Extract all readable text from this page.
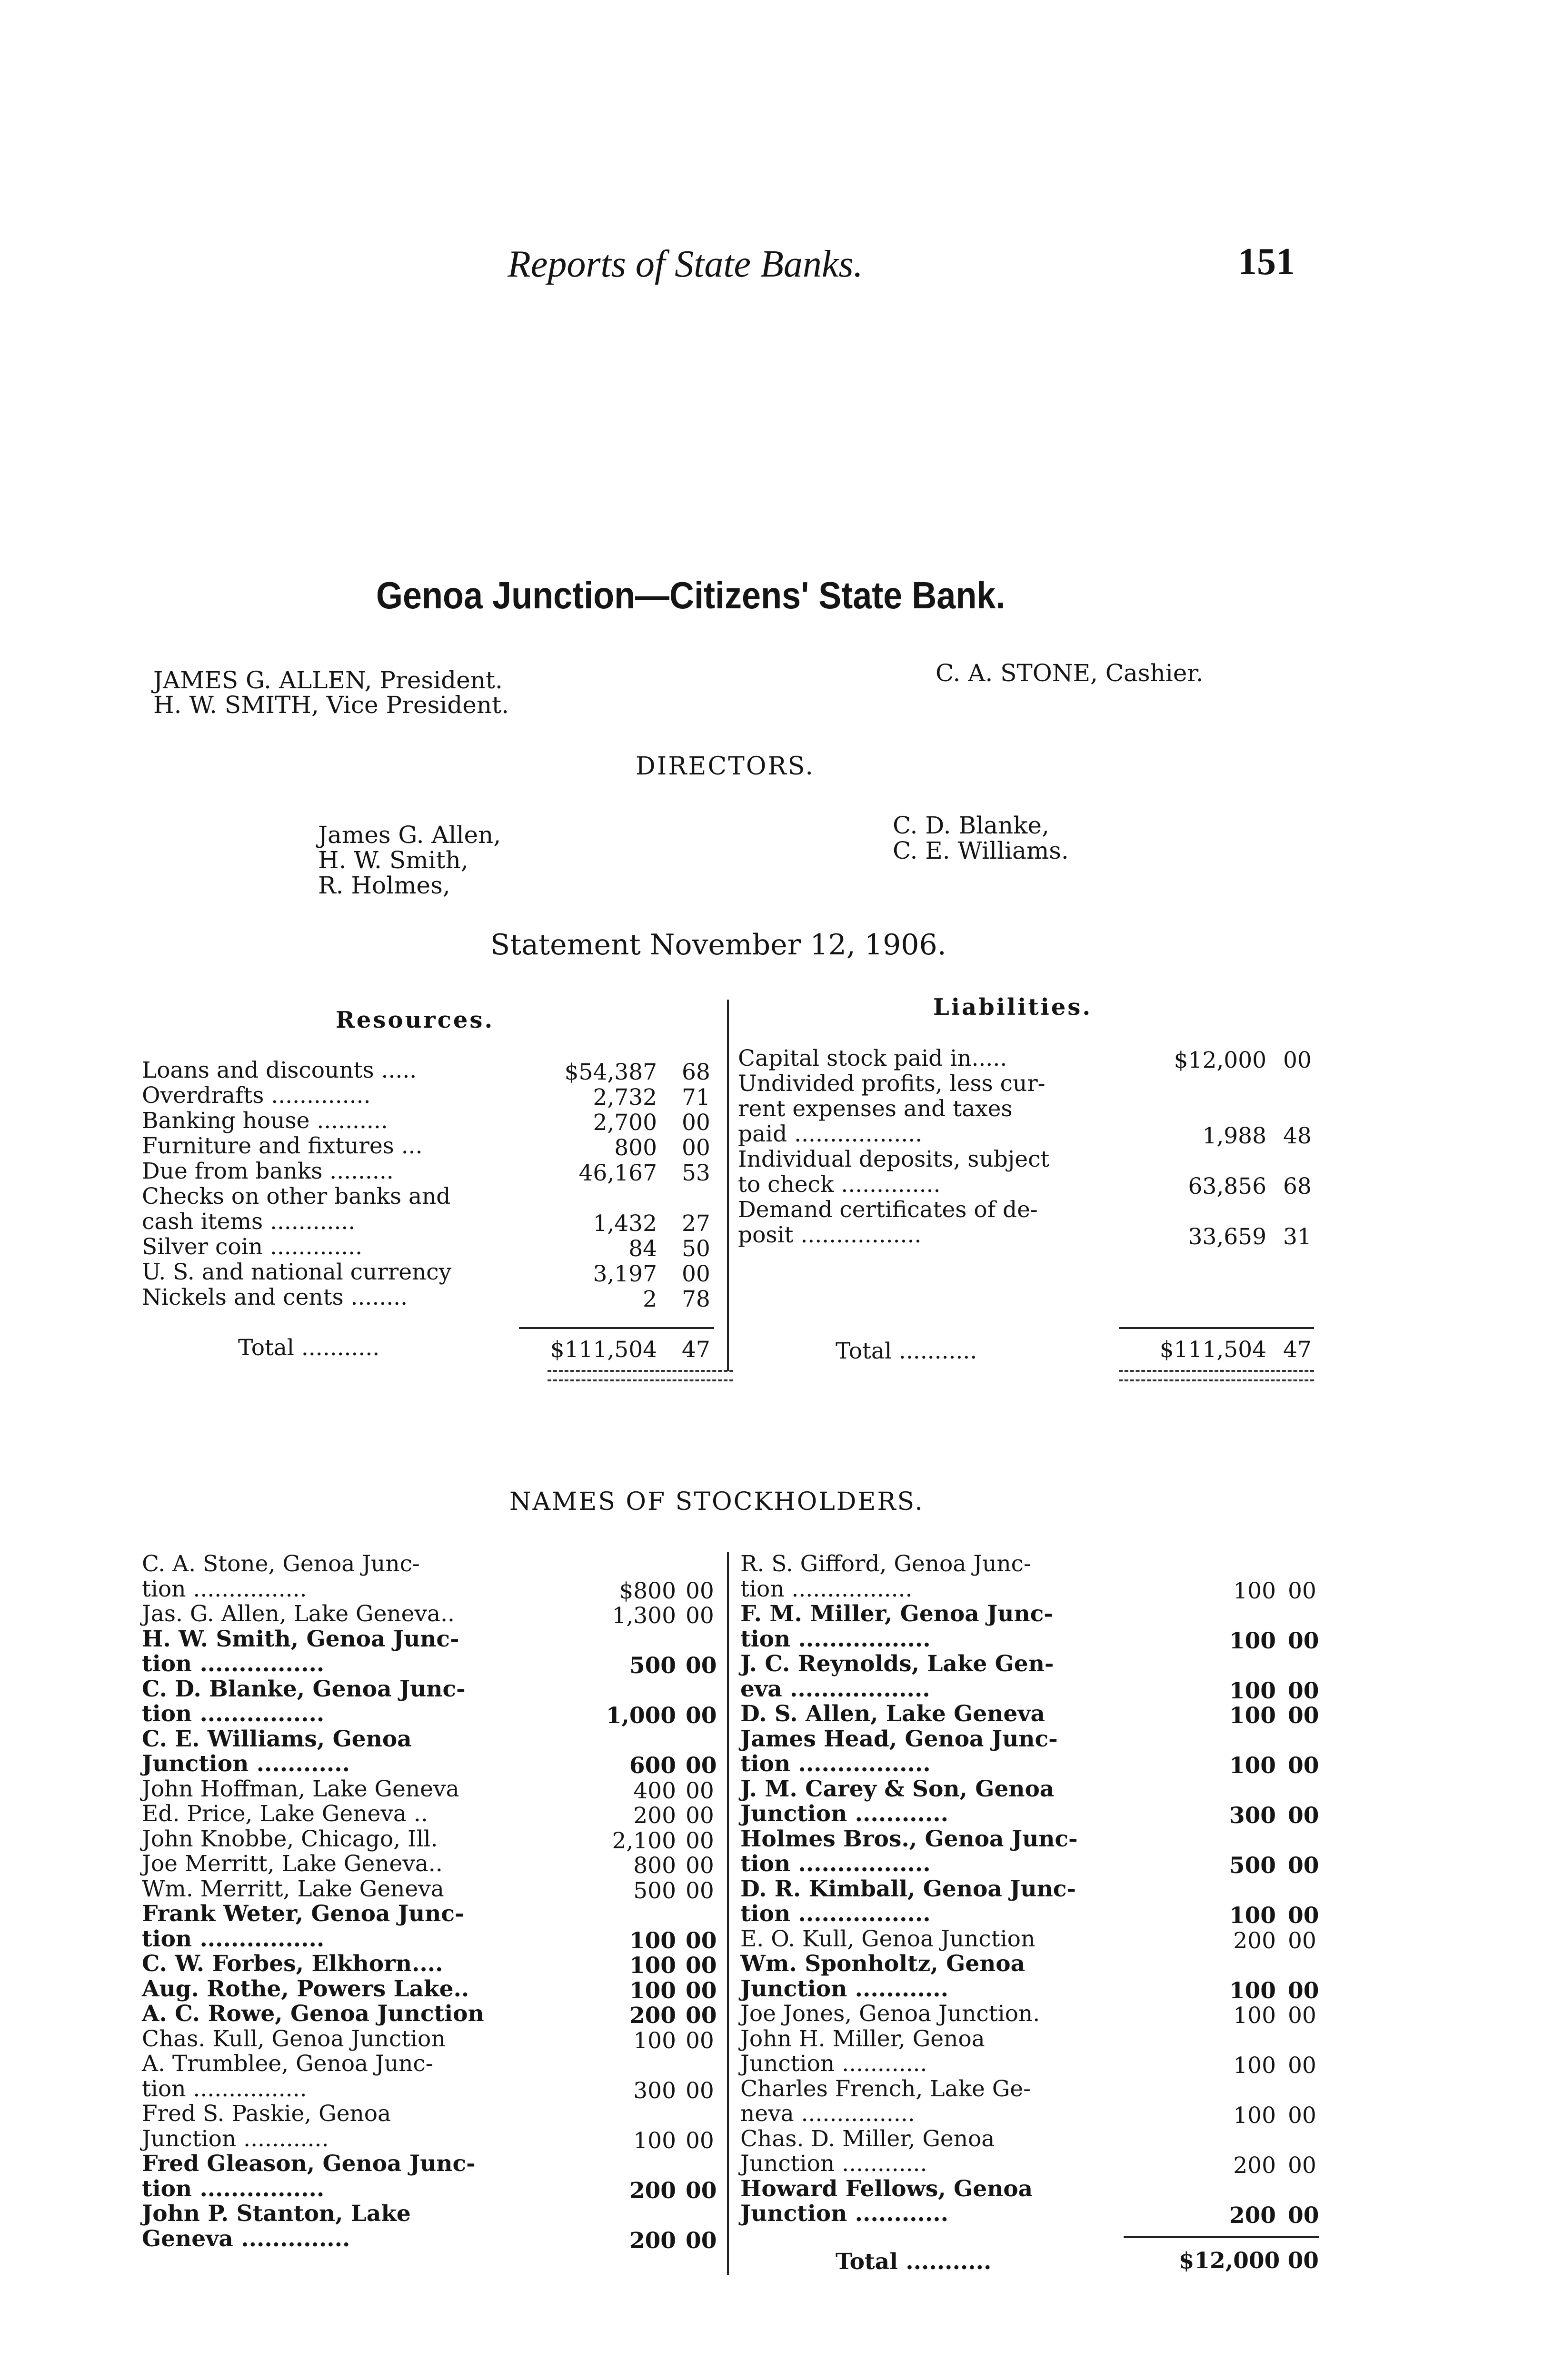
Reports of State Banks.	151
Genoa Junction—Citizens' State Bank.
JAMES G. ALLEN, President.
H. W. SMITH, Vice President.
C. A. STONE, Cashier.
DIRECTORS.
James G. Allen,
H. W. Smith,
R. Holmes,
C. D. Blanke,
C. E. Williams.
Statement November 12, 1906.
Resources.	Liabilities.
Loans and discounts .....	$54,387 68
Overdrafts ..............	2,732 71
Banking house ..........	2,700 00
Furniture and fixtures ...	800 00
Due from banks .........	46,167 53
Checks on other banks and
cash items ............	1,432 27
Silver coin .............	84 50
U. S. and national currency	3,197 00
Nickels and cents ........	2 78
Capital stock paid in.....	$12,000 00
Undivided profits, less cur-
rent expenses and taxes
paid ..................	1,988 48
Individual deposits, subject
to check ..............	63,856 68
Demand certificates of de-
posit .................	33,659 31
Total ...........	$111,504 47	Total ...........	$111,504 47
NAMES OF STOCKHOLDERS.
C. A. Stone, Genoa Junc-
tion ................	$800 00
Jas. G. Allen, Lake Geneva..	1,300 00
H. W. Smith, Genoa Junc-
tion ................	500 00
C. D. Blanke, Genoa Junc-
tion ................	1,000 00
C. E. Williams, Genoa
Junction ............	600 00
John Hoffman, Lake Geneva	400 00
Ed. Price, Lake Geneva ..	200 00
John Knobbe, Chicago, Ill.	2,100 00
Joe Merritt, Lake Geneva..	800 00
Wm. Merritt, Lake Geneva	500 00
Frank Weter, Genoa Junc-
tion ................	100 00
C. W. Forbes, Elkhorn....	100 00
Aug. Rothe, Powers Lake..	100 00
A. C. Rowe, Genoa Junction	200 00
Chas. Kull, Genoa Junction	100 00
A. Trumblee, Genoa Junc-
tion ................	300 00
Fred S. Paskie, Genoa
Junction ............	100 00
Fred Gleason, Genoa Junc-
tion ................	200 00
John P. Stanton, Lake
Geneva ..............	200 00
R. S. Gifford, Genoa Junc-
tion .................	100 00
F. M. Miller, Genoa Junc-
tion .................	100 00
J. C. Reynolds, Lake Gen-
eva ..................	100 00
D. S. Allen, Lake Geneva	100 00
James Head, Genoa Junc-
tion .................	100 00
J. M. Carey & Son, Genoa
Junction ............	300 00
Holmes Bros., Genoa Junc-
tion .................	500 00
D. R. Kimball, Genoa Junc-
tion .................	100 00
E. O. Kull, Genoa Junction	200 00
Wm. Sponholtz, Genoa
Junction ............	100 00
Joe Jones, Genoa Junction.	100 00
John H. Miller, Genoa
Junction ............	100 00
Charles French, Lake Ge-
neva ................	100 00
Chas. D. Miller, Genoa
Junction ............	200 00
Howard Fellows, Genoa
Junction ............	200 00
Total ...........	$12,000 00
